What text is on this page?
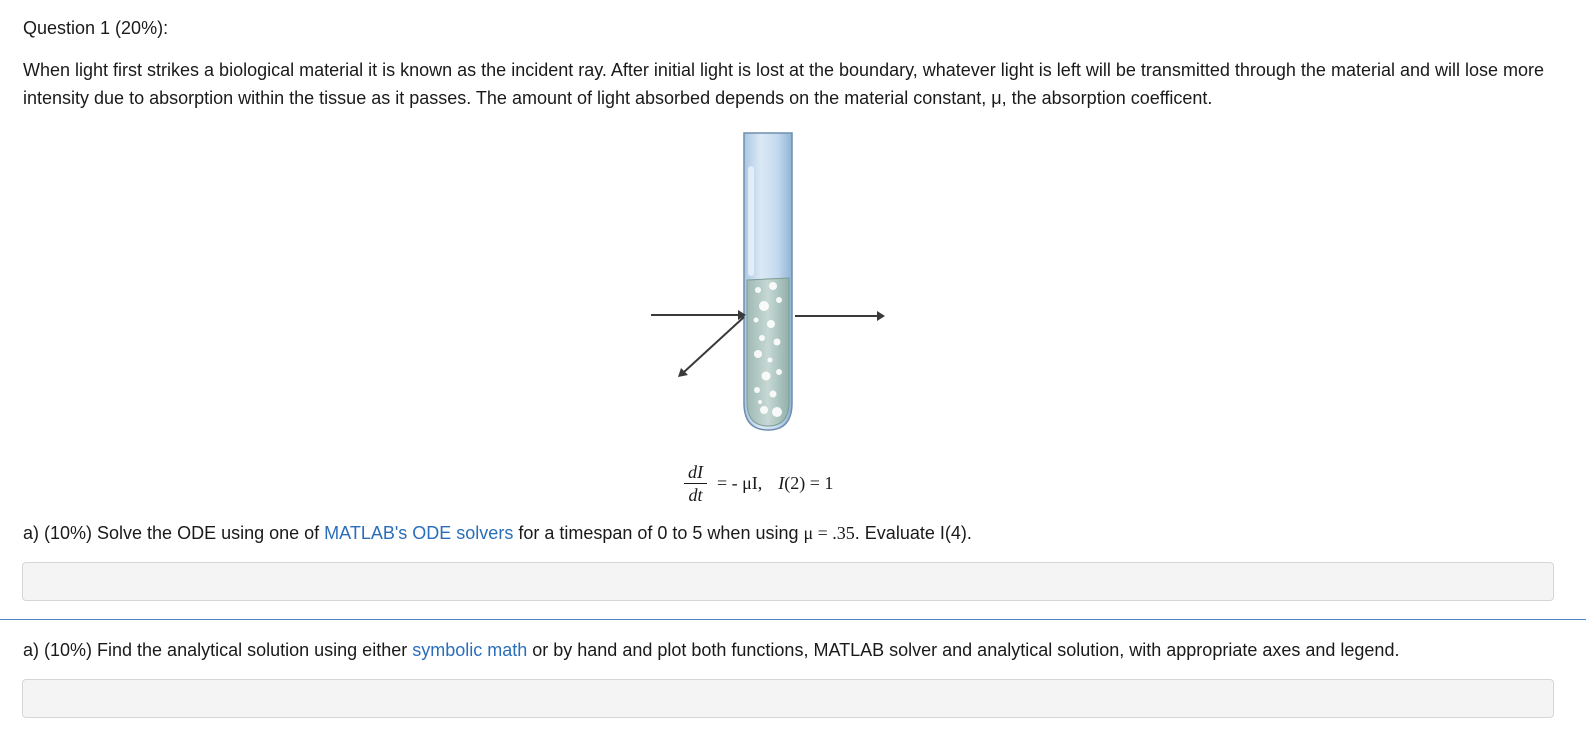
Question 1 (20%):
When light first strikes a biological material it is known as the incident ray. After initial light is lost at the boundary, whatever light is left will be transmitted through the material and will lose more intensity due to absorption within the tissue as it passes. The amount of light absorbed depends on the material constant, μ, the absorption coefficent.
$\frac{dI}{dt}$ = - μI, I(2) = 1
a) (10%) Solve the ODE using one of MATLAB's ODE solvers for a timespan of 0 to 5 when using μ = .35. Evaluate I(4).
a) (10%) Find the analytical solution using either symbolic math or by hand and plot both functions, MATLAB solver and analytical solution, with appropriate axes and legend.
